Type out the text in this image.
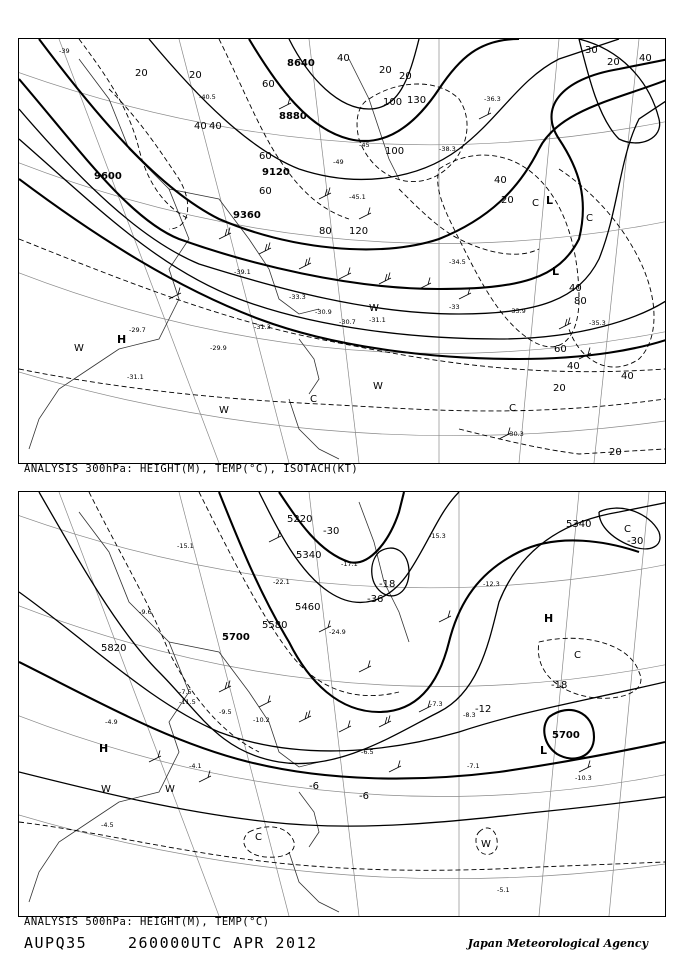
8640
8880
9120
9360
9600
20	20
40
60
80
100
120
130
100
60
40
20
40
30
20
40
40
80
60
40
20
20
40
20
60
40
20
H
L
L
W
W
W
W
C
C
C
C
-33.9
-35.3
-33.3
-29.7
-30.3
-31.3
-31.1
-30.7
-34.5
-38.3
-36.3
-49
-45
-39
-31.1
-30.9
-29.9
-33
-40.5
-45.1
-39.1
ANALYSIS 300hPa: HEIGHT(M), TEMP(°C), ISOTACH(KT)
5220
5340
5460
5580
5700
5820
5700
5340
-30
-36
-18
-12
-6
-6
-30
-18
H
H
L
W	W
W
C
C
C
-17.1
-15.1
-11.5
-7.5
-4.9
-4.5
-9.5
-10.2
-6.5
-7.1
-8.3
-12.3
-9.6
-5.1
-4.1
-22.1
-24.9
-15.3
-10.3
-7.3
ANALYSIS 500hPa: HEIGHT(M), TEMP(°C)
AUPQ35	260000UTC APR 2012	Japan Meteorological Agency
